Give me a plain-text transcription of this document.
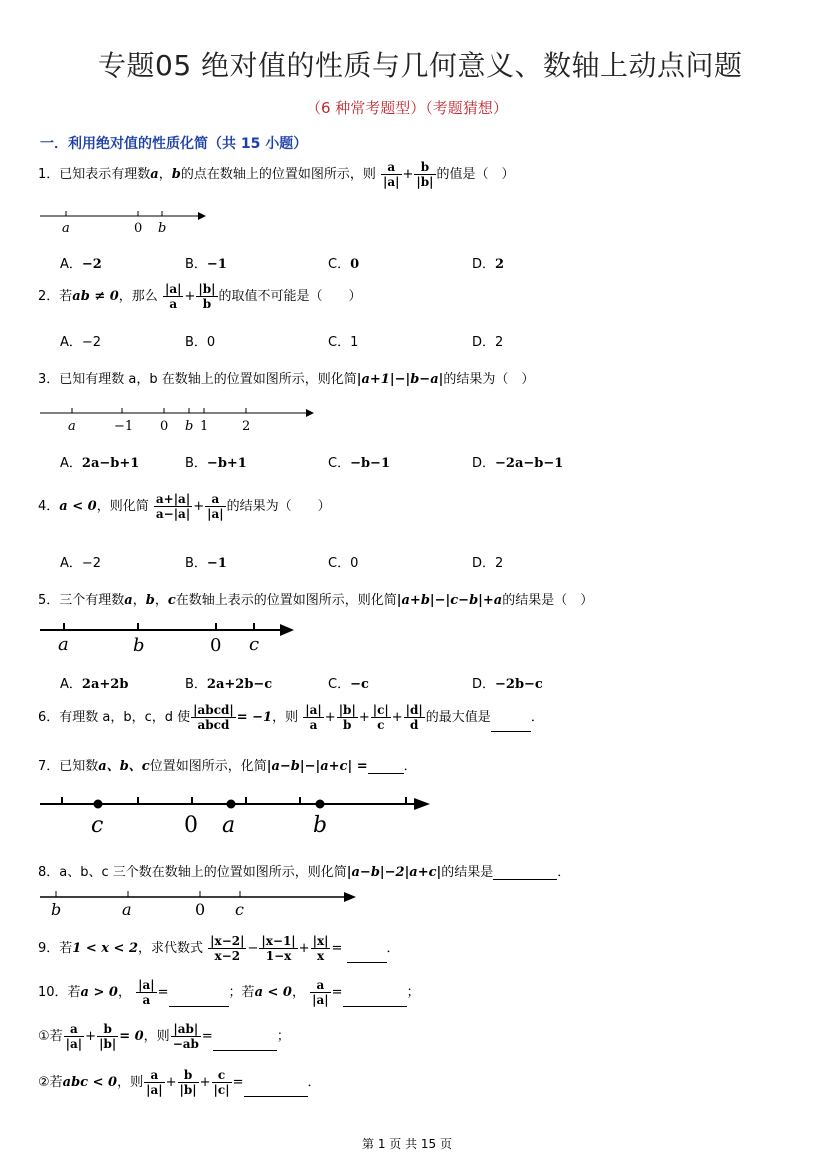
专题05 绝对值的性质与几何意义、数轴上动点问题
（6 种常考题型）（考题猜想）
一．利用绝对值的性质化简（共 15 小题）
1．已知表示有理数a，b的点在数轴上的位置如图所示，则 $\frac{a}{|a|} + \frac{b}{|b|}$ 的值是（　）
a	0 b
A．−2	B．−1	C．0	D．2
2．若ab ≠ 0，那么 $\frac{|a|}{a} + \frac{|b|}{b}$ 的取值不可能是（　　）
A．−2	B．0	C．1	D．2
3．已知有理数 a，b 在数轴上的位置如图所示，则化简|a+1|−|b−a|的结果为（　）
a	−1 0 b 1	2
A．2a−b+1	B．−b+1	C．−b−1	D．−2a−b−1
4．a < 0，则化简 $\frac{a+|a|}{a-|a|} + \frac{a}{|a|}$ 的结果为（　　）
A．−2	B．−1	C．0	D．2
5．三个有理数a，b，c在数轴上表示的位置如图所示，则化简|a+b|−|c−b|+a的结果是（　）
a	b	0 c
A．2a+2b	B．2a+2b−c	C．−c	D．−2b−c
6．有理数 a，b，c，d 使 $\frac{\text{|abcd|}}{\text{abcd}} = -1$，则 $\frac{|a|}{a} + \frac{|b|}{b} + \frac{|c|}{c} + \frac{|d|}{d}$ 的最大值是	．
7．已知数a、b、c位置如图所示，化简|a−b|−|a+c| =	．
c	0 a	b
8．a、b、c 三个数在数轴上的位置如图所示，则化简|a−b|−2|a+c|的结果是	．
b	a	0 c
9．若1 < x < 2，求代数式 $\frac{|x-2|}{x-2} - \frac{|x-1|}{1-x} + \frac{|x|}{x}$ =	．
10．若a > 0， $\frac{|a|}{a}$ =	；若a < 0， $\frac{a}{|a|}$ =	；
①若 $\frac{a}{|a|} + \frac{b}{|b|} = 0$，则 $\frac{|ab|}{-ab}$ =	；
②若abc < 0，则 $\frac{a}{|a|} + \frac{b}{|b|} + \frac{c}{|c|}$ =	．
第 1 页 共 15 页
